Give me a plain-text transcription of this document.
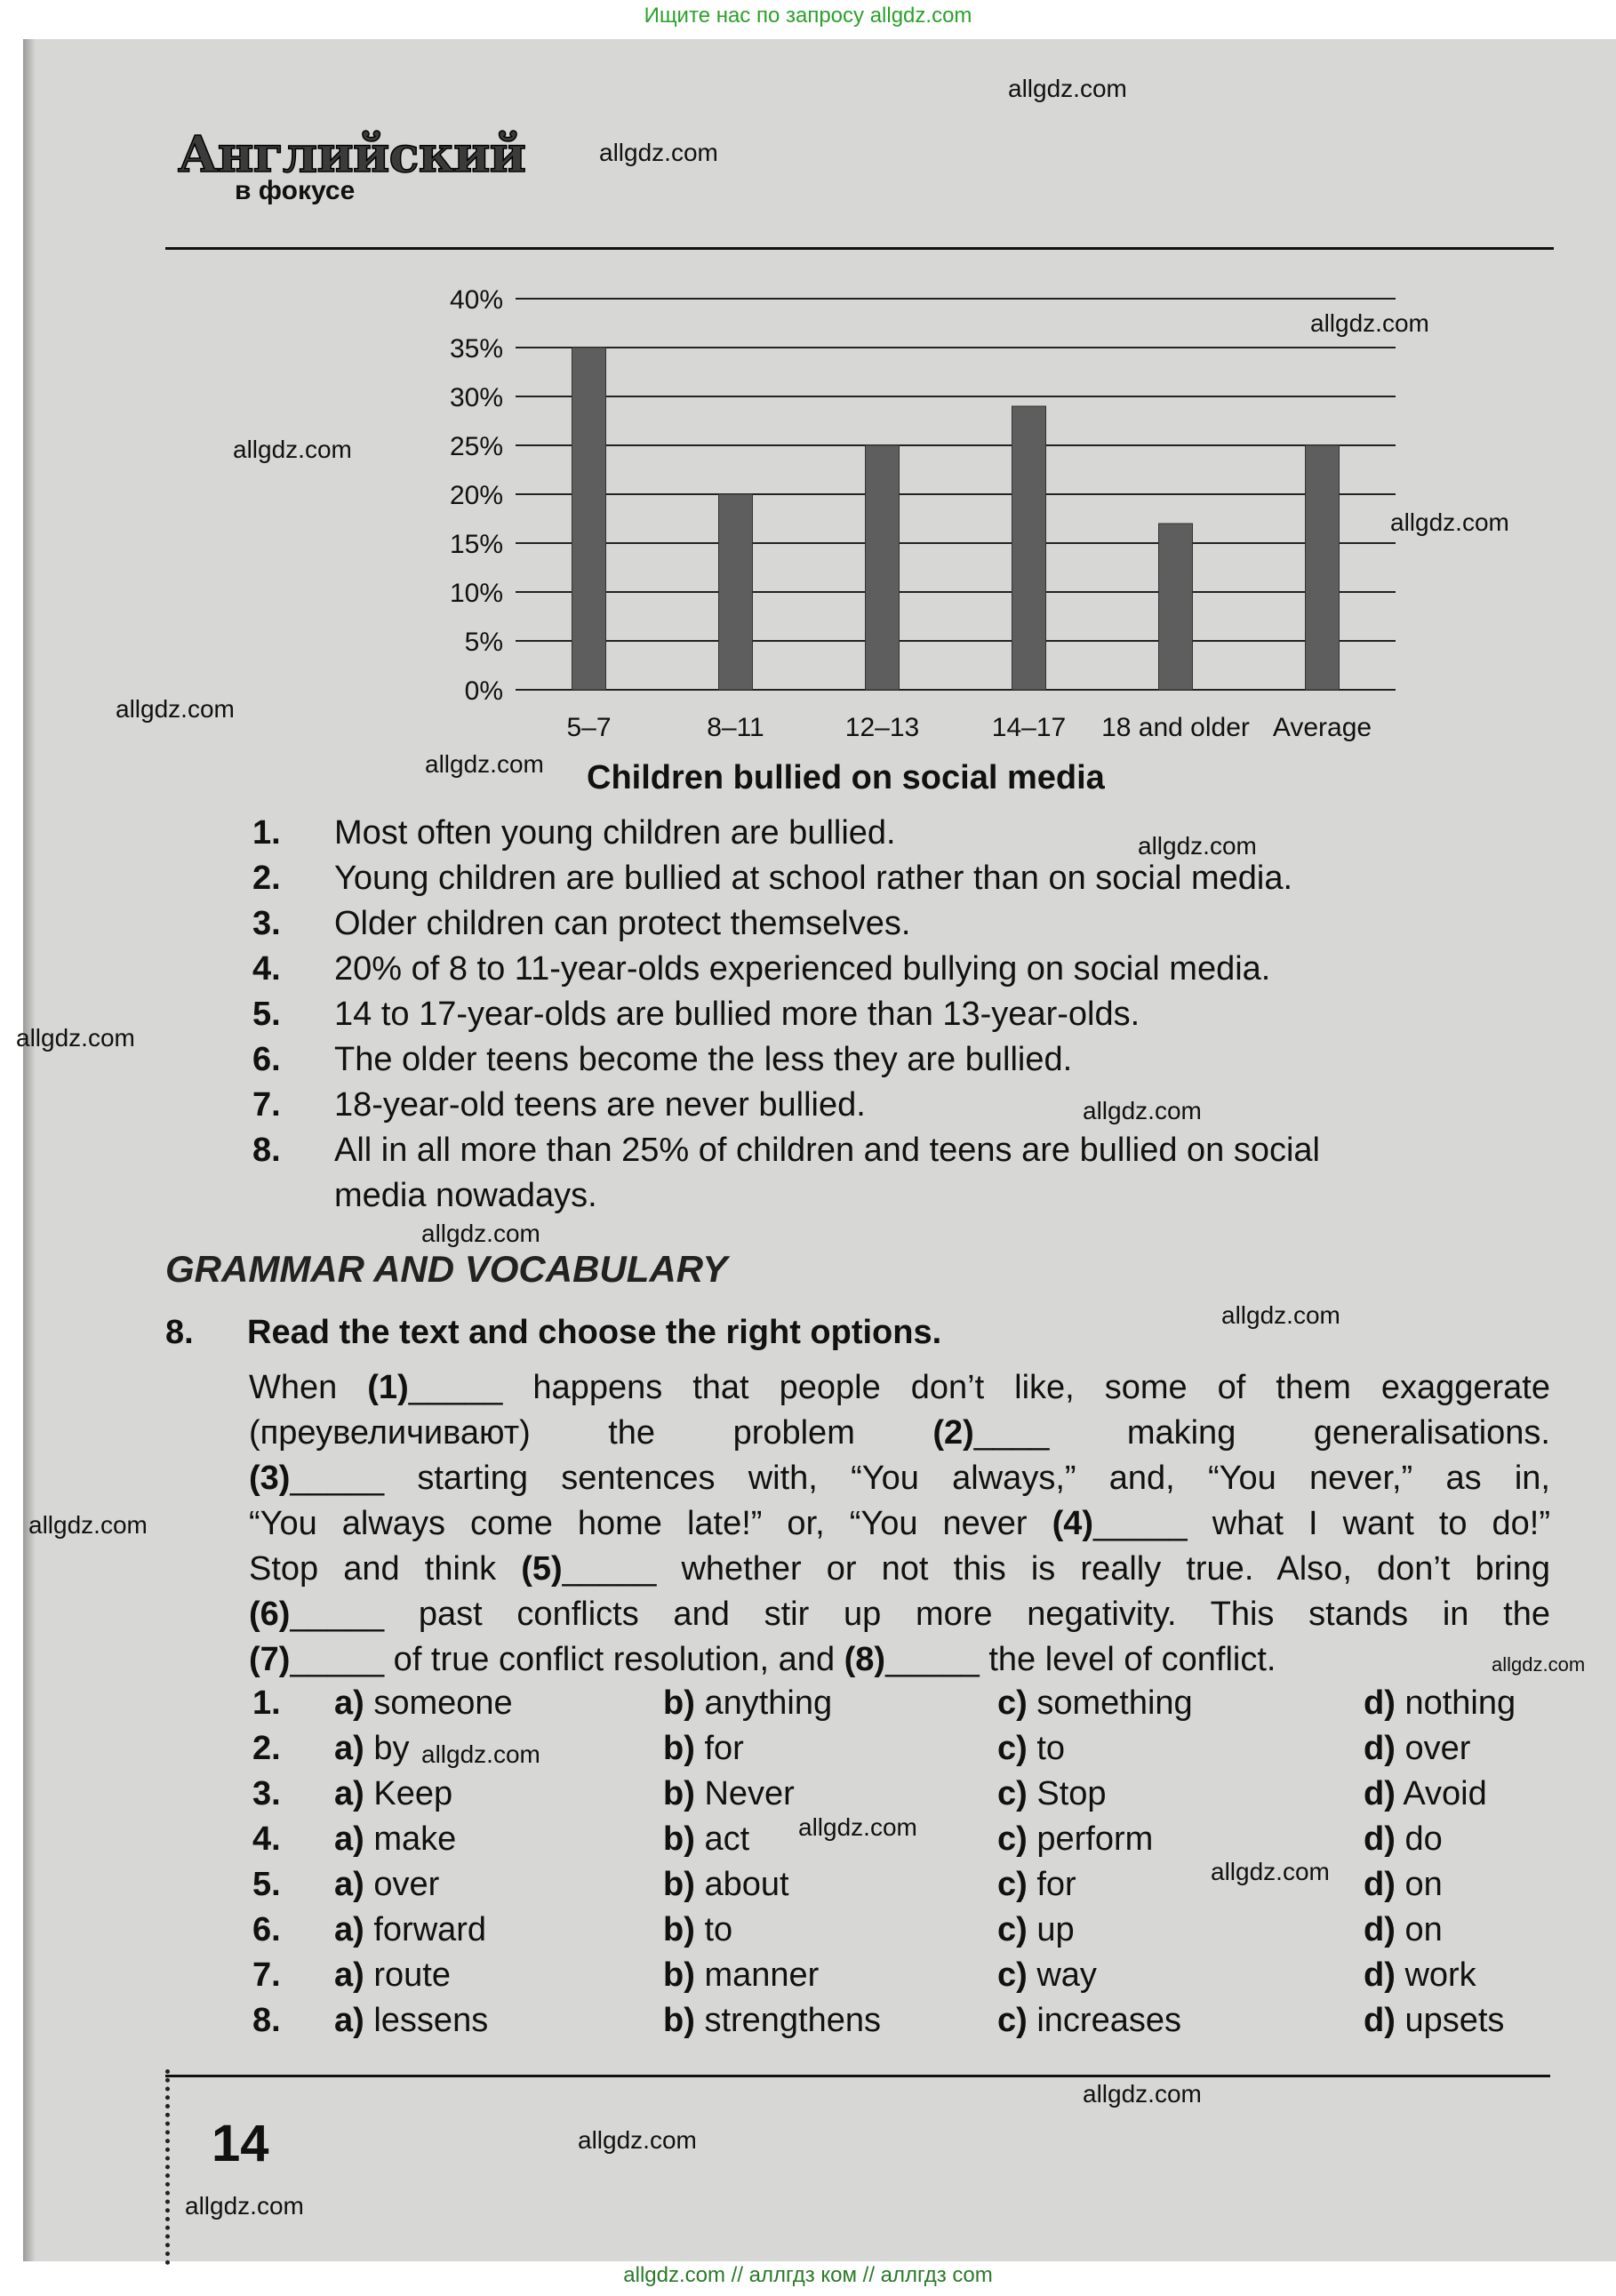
Ищите нас по запросу allgdz.com
Английский
в фокусе
0%
5%
10%
15%
20%
25%
30%
35%
40%
5–7	8–11	12–13	14–17 18 and older Average
Children bullied on social media
1. Most often young children are bullied.
2. Young children are bullied at school rather than on social media.
3. Older children can protect themselves.
4. 20% of 8 to 11-year-olds experienced bullying on social media.
5. 14 to 17-year-olds are bullied more than 13-year-olds.
6. The older teens become the less they are bullied.
7. 18-year-old teens are never bullied.
8. All in all more than 25% of children and teens are bullied on social
media nowadays.
GRAMMAR AND VOCABULARY
8. Read the text and choose the right options.
When (1)_____ happens that people don’t like, some of them exaggerate
(преувеличивают) the problem (2)____ making generalisations.
(3)_____ starting sentences with, “You always,” and, “You never,” as in,
“You always come home late!” or, “You never (4)_____ what I want to do!”
Stop and think (5)_____ whether or not this is really true. Also, don’t bring
(6)_____ past conflicts and stir up more negativity. This stands in the
(7)_____ of true conflict resolution, and (8)_____ the level of conflict.
1. a) someone	b) anything	c) something	d) nothing
2. a) by	b) for	c) to	d) over
3. a) Keep	b) Never	c) Stop	d) Avoid
4. a) make	b) act	c) perform	d) do
5. a) over	b) about	c) for	d) on
6. a) forward	b) to	c) up	d) on
7. a) route	b) manner	c) way	d) work
8. a) lessens	b) strengthens	c) increases	d) upsets
14
allgdz.com
allgdz.com
allgdz.com
allgdz.com
allgdz.com
allgdz.com
allgdz.com
allgdz.com
allgdz.com
allgdz.com
allgdz.com
allgdz.com
allgdz.com
allgdz.com
allgdz.com
allgdz.com
allgdz.com
allgdz.com
allgdz.com
allgdz.com
allgdz.com // аллгдз ком // аллгдз com
